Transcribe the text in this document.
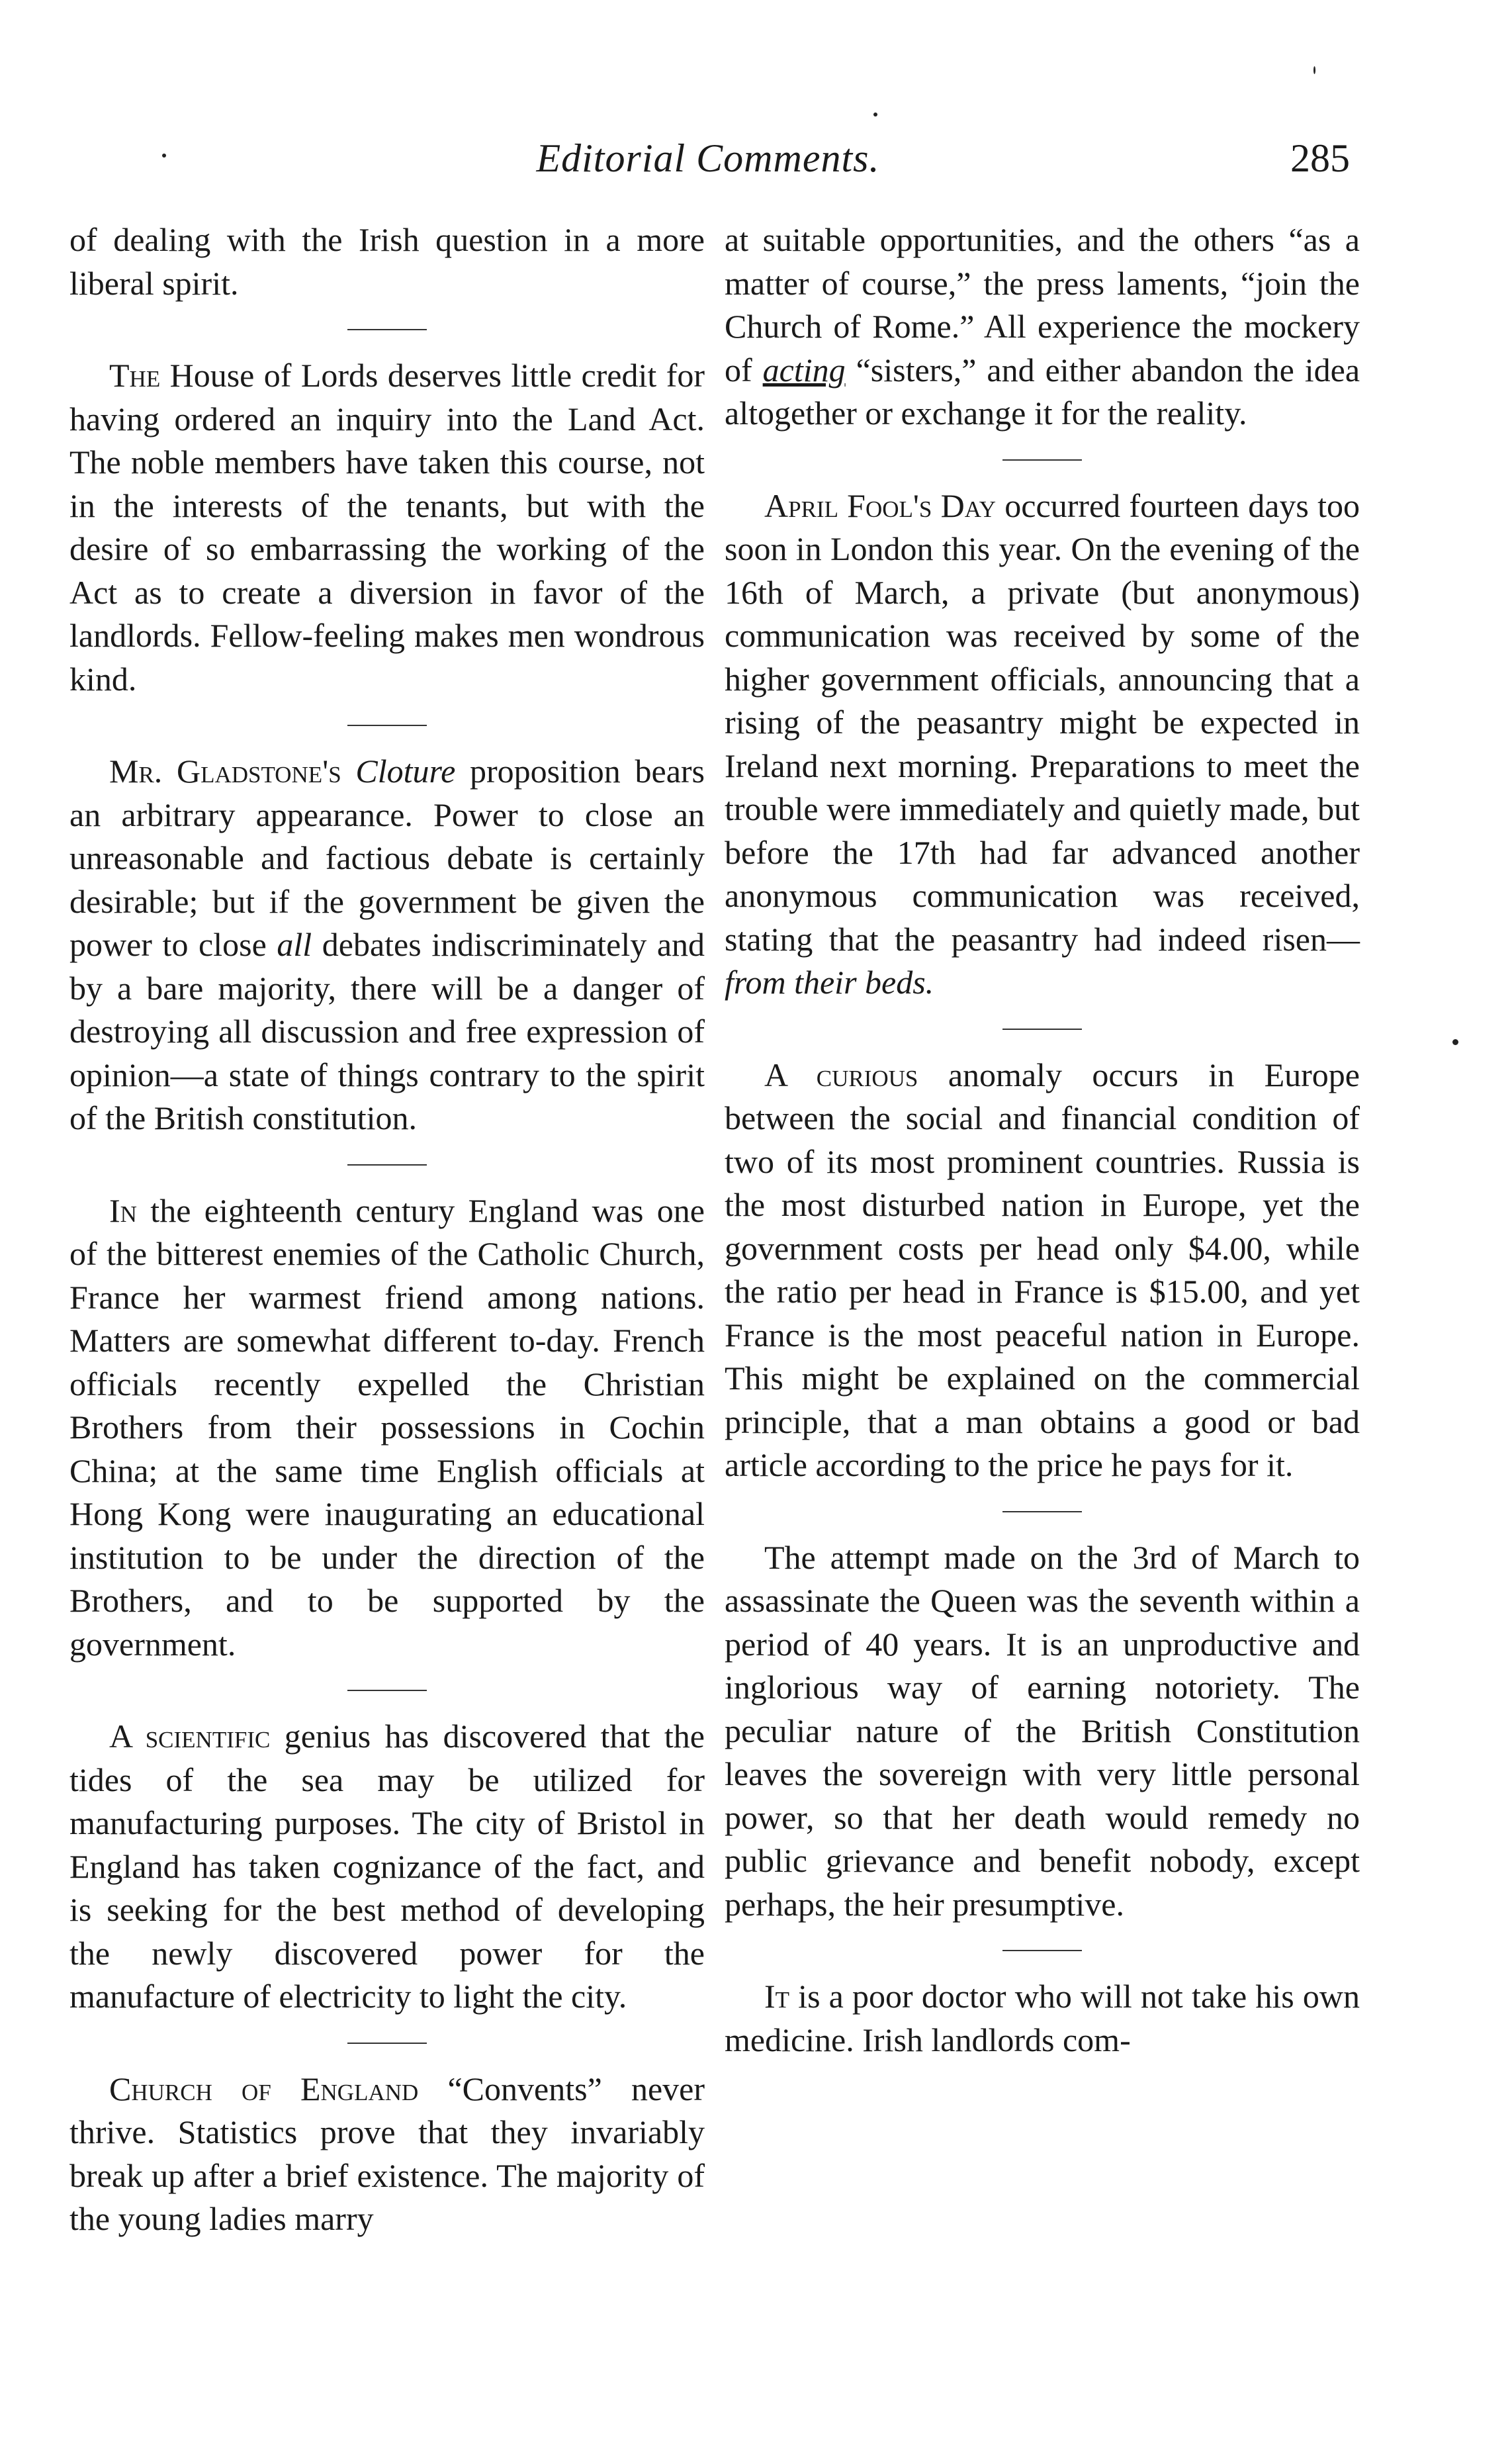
Editorial Comments.	285

of dealing with the Irish question in a more liberal spirit.

The House of Lords deserves little credit for having ordered an inquiry into the Land Act. The noble members have taken this course, not in the interests of the tenants, but with the desire of so embarrassing the working of the Act as to create a diversion in favor of the landlords. Fellow-feeling makes men wondrous kind.

Mr. Gladstone's Cloture proposition bears an arbitrary appearance. Power to close an unreasonable and factious debate is certainly desirable; but if the government be given the power to close all debates indiscriminately and by a bare majority, there will be a danger of destroying all discussion and free expression of opinion—a state of things contrary to the spirit of the British constitution.

In the eighteenth century England was one of the bitterest enemies of the Catholic Church, France her warmest friend among nations. Matters are somewhat different to-day. French officials recently expelled the Christian Brothers from their possessions in Cochin China; at the same time English officials at Hong Kong were inaugurating an educational institution to be under the direction of the Brothers, and to be supported by the government.

A scientific genius has discovered that the tides of the sea may be utilized for manufacturing purposes. The city of Bristol in England has taken cognizance of the fact, and is seeking for the best method of developing the newly discovered power for the manufacture of electricity to light the city.

Church of England “Convents” never thrive. Statistics prove that they invariably break up after a brief existence. The majority of the young ladies marry

at suitable opportunities, and the others “as a matter of course,” the press laments, “join the Church of Rome.” All experience the mockery of acting “sisters,” and either abandon the idea altogether or exchange it for the reality.

April Fool's Day occurred fourteen days too soon in London this year. On the evening of the 16th of March, a private (but anonymous) communication was received by some of the higher government officials, announcing that a rising of the peasantry might be expected in Ireland next morning. Preparations to meet the trouble were immediately and quietly made, but before the 17th had far advanced another anonymous communication was received, stating that the peasantry had indeed risen—from their beds.

A curious anomaly occurs in Europe between the social and financial condition of two of its most prominent countries. Russia is the most disturbed nation in Europe, yet the government costs per head only $4.00, while the ratio per head in France is $15.00, and yet France is the most peaceful nation in Europe. This might be explained on the commercial principle, that a man obtains a good or bad article according to the price he pays for it.

The attempt made on the 3rd of March to assassinate the Queen was the seventh within a period of 40 years. It is an unproductive and inglorious way of earning notoriety. The peculiar nature of the British Constitution leaves the sovereign with very little personal power, so that her death would remedy no public grievance and benefit nobody, except perhaps, the heir presumptive.

It is a poor doctor who will not take his own medicine. Irish landlords com-
